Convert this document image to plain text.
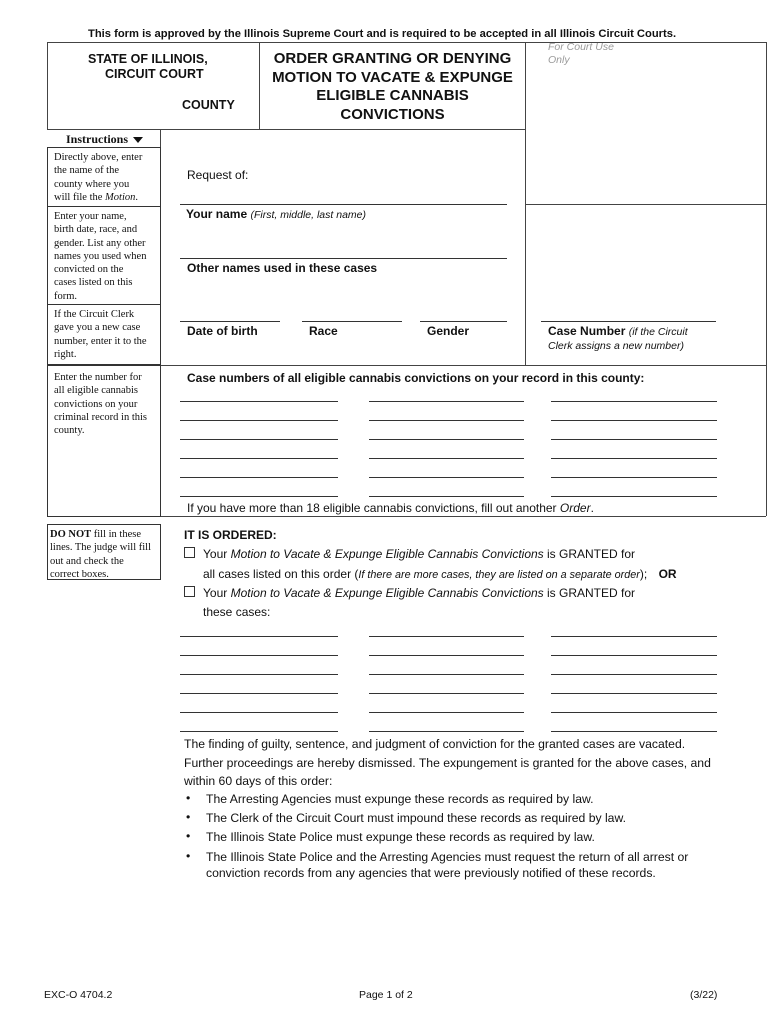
This form is approved by the Illinois Supreme Court and is required to be accepted in all Illinois Circuit Courts.
STATE OF ILLINOIS,
CIRCUIT COURT
COUNTY
ORDER GRANTING OR DENYING
MOTION TO VACATE & EXPUNGE
ELIGIBLE CANNABIS
CONVICTIONS
For Court Use
Only
Instructions
Directly above, enter
the name of the
county where you
will file the Motion.
Enter your name,
birth date, race, and
gender. List any other
names you used when
convicted on the
cases listed on this
form.
If the Circuit Clerk
gave you a new case
number, enter it to the
right.
Enter the number for
all eligible cannabis
convictions on your
criminal record in this
county.
DO NOT fill in these
lines. The judge will fill
out and check the
correct boxes.
Request of:
Your name (First, middle, last name)
Other names used in these cases
Date of birth	Race	Gender	Case Number (if the Circuit
Clerk assigns a new number)
Case numbers of all eligible cannabis convictions on your record in this county:
If you have more than 18 eligible cannabis convictions, fill out another Order.
IT IS ORDERED:
Your Motion to Vacate & Expunge Eligible Cannabis Convictions is GRANTED for
all cases listed on this order (If there are more cases, they are listed on a separate order); OR
Your Motion to Vacate & Expunge Eligible Cannabis Convictions is GRANTED for
these cases:
The finding of guilty, sentence, and judgment of conviction for the granted cases are vacated.
Further proceedings are hereby dismissed. The expungement is granted for the above cases, and
within 60 days of this order:
• The Arresting Agencies must expunge these records as required by law.
• The Clerk of the Circuit Court must impound these records as required by law.
• The Illinois State Police must expunge these records as required by law.
• The Illinois State Police and the Arresting Agencies must request the return of all arrest or
conviction records from any agencies that were previously notified of these records.
EXC-O 4704.2	Page 1 of 2	(3/22)
